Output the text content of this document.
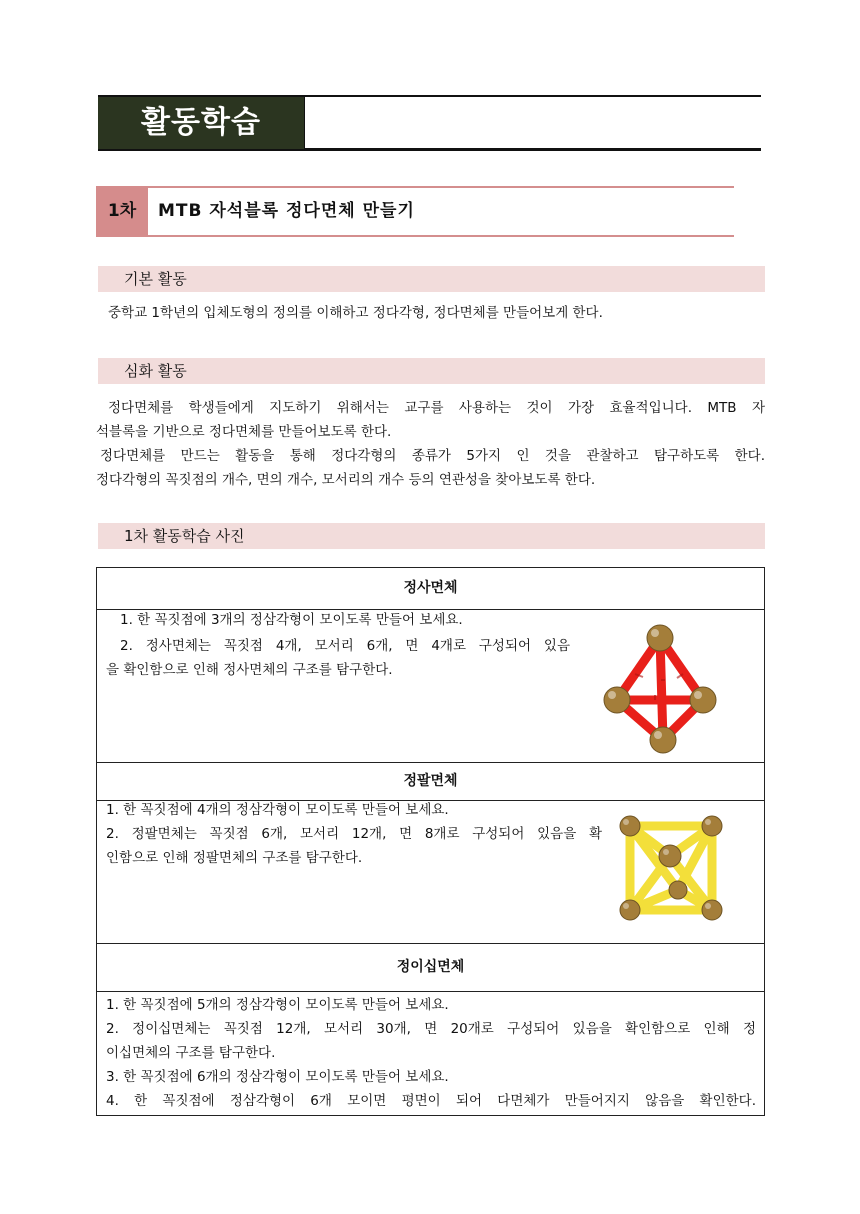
활동학습
1차	MTB 자석블록 정다면체 만들기
기본 활동
중학교 1학년의 입체도형의 정의를 이해하고 정다각형, 정다면체를 만들어보게 한다.
심화 활동
정다면체를 학생들에게 지도하기 위해서는 교구를 사용하는 것이 가장 효율적입니다. MTB 자
석블록을 기반으로 정다면체를 만들어보도록 한다.
정다면체를 만드는 활동을 통해 정다각형의 종류가 5가지 인 것을 관찰하고 탐구하도록 한다.
정다각형의 꼭짓점의 개수, 면의 개수, 모서리의 개수 등의 연관성을 찾아보도록 한다.
1차 활동학습 사진
정사면체
1. 한 꼭짓점에 3개의 정삼각형이 모이도록 만들어 보세요.
2. 정사면체는 꼭짓점 4개, 모서리 6개, 면 4개로 구성되어 있음
을 확인함으로 인해 정사면체의 구조를 탐구한다.
정팔면체
1. 한 꼭짓점에 4개의 정삼각형이 모이도록 만들어 보세요.
2. 정팔면체는 꼭짓점 6개, 모서리 12개, 면 8개로 구성되어 있음을 확
인함으로 인해 정팔면체의 구조를 탐구한다.
정이십면체
1. 한 꼭짓점에 5개의 정삼각형이 모이도록 만들어 보세요.
2. 정이십면체는 꼭짓점 12개, 모서리 30개, 면 20개로 구성되어 있음을 확인함으로 인해 정
이십면체의 구조를 탐구한다.
3. 한 꼭짓점에 6개의 정삼각형이 모이도록 만들어 보세요.
4. 한 꼭짓점에 정삼각형이 6개 모이면 평면이 되어 다면체가 만들어지지 않음을 확인한다.
